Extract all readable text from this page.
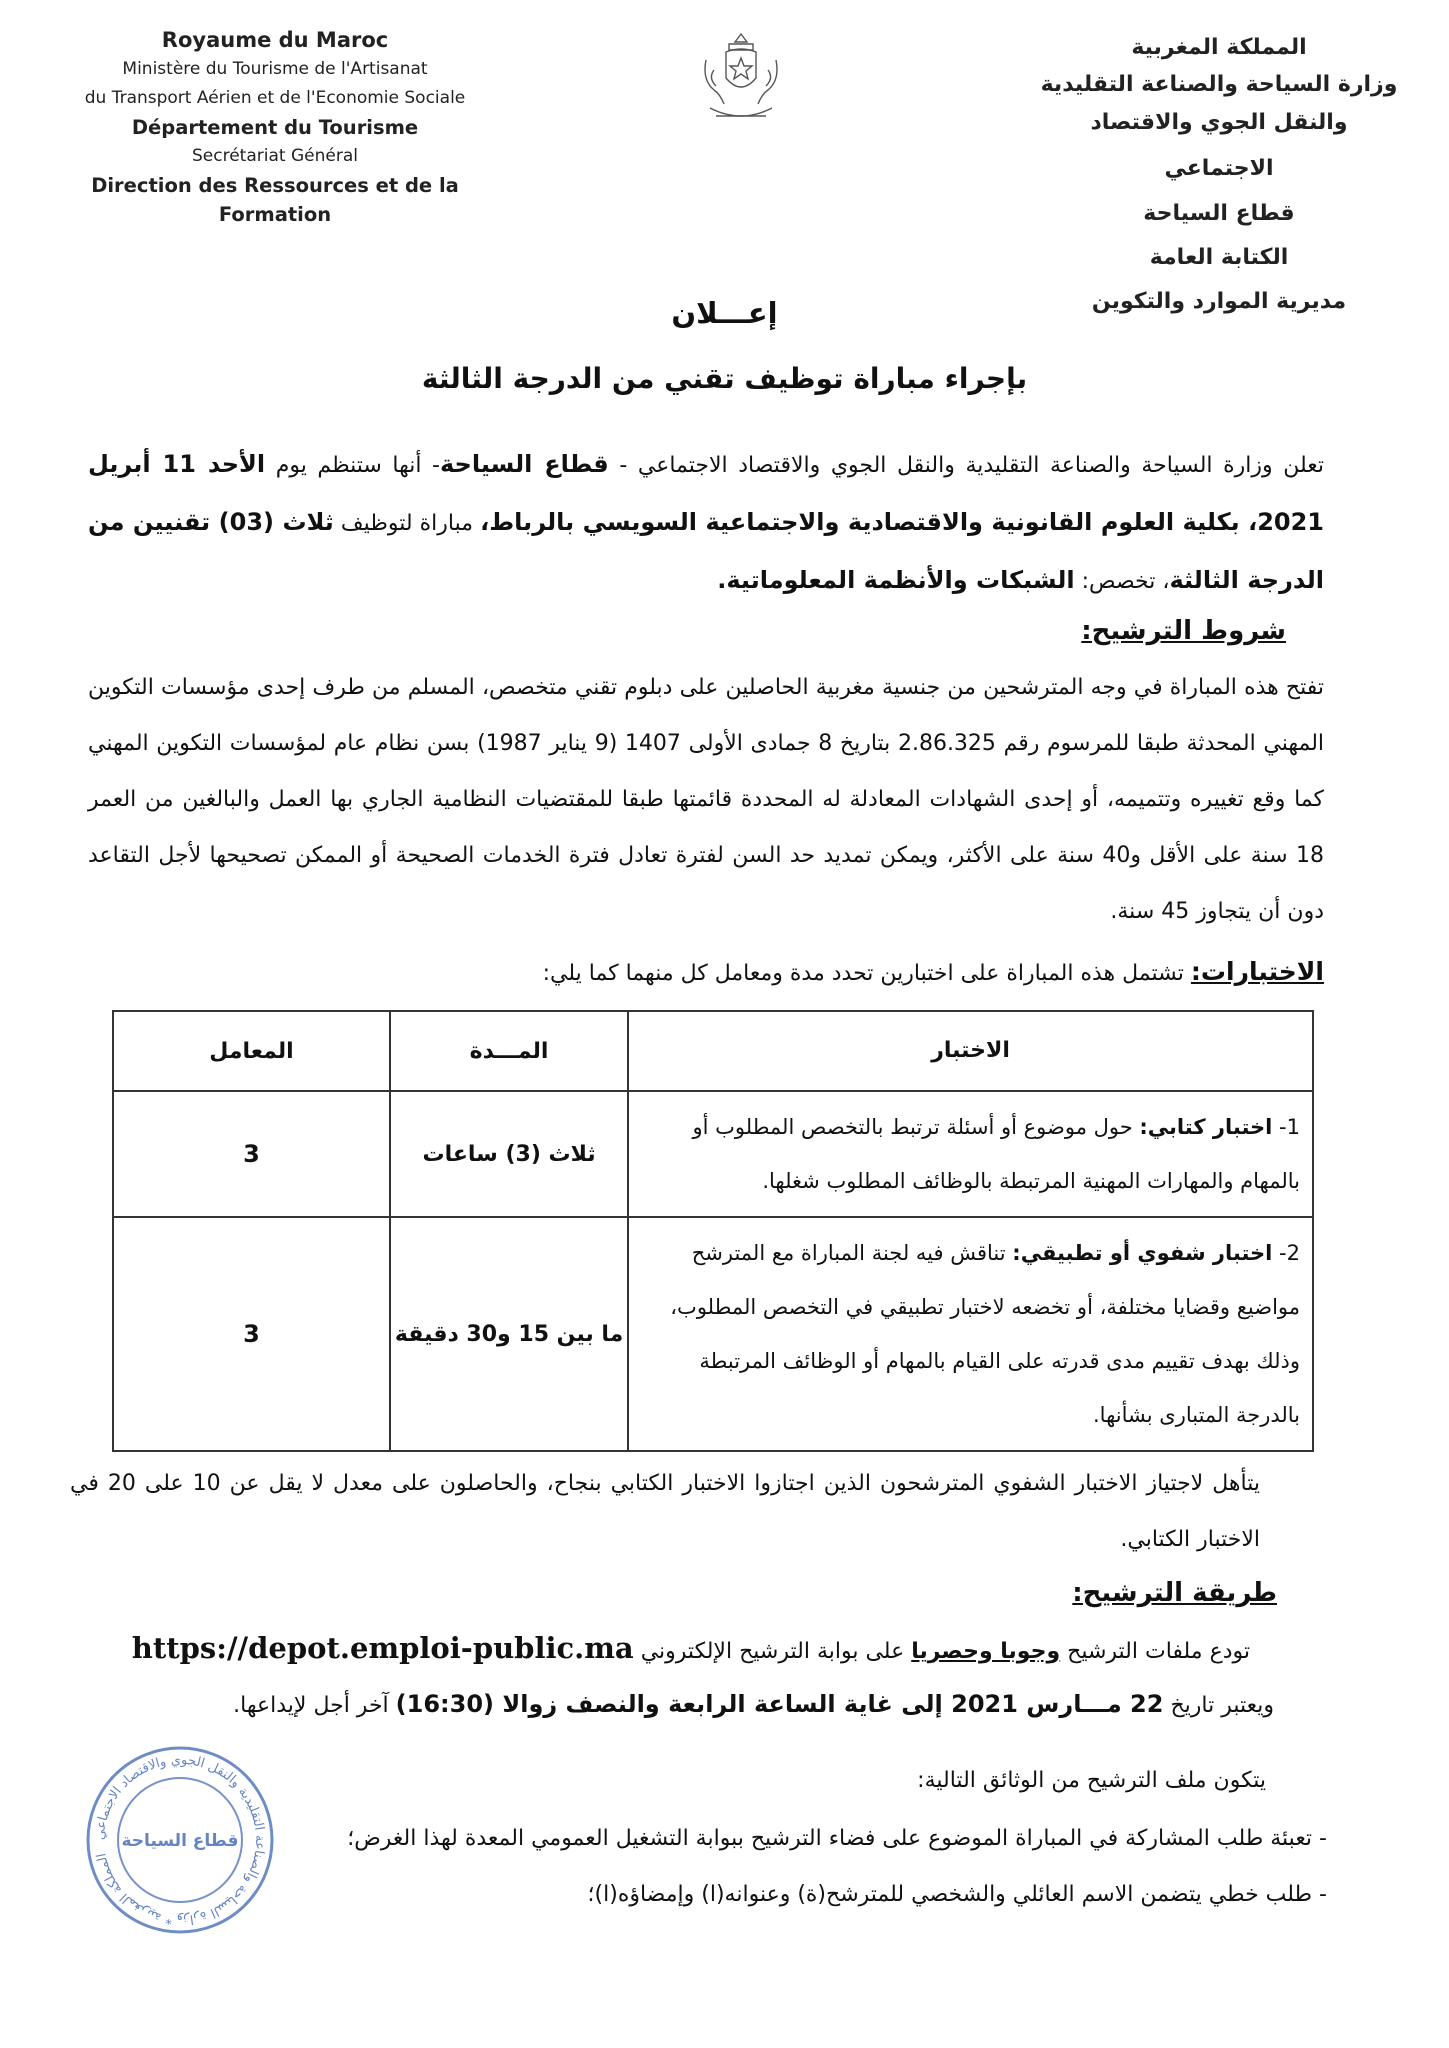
Royaume du Maroc
Ministère du Tourisme de l'Artisanat
du Transport Aérien et de l'Economie Sociale
Département du Tourisme
Secrétariat Général
Direction des Ressources et de la Formation
المملكة المغربية
وزارة السياحة والصناعة التقليدية
والنقل الجوي والاقتصاد الاجتماعي
قطاع السياحة
الكتابة العامة
مديرية الموارد والتكوين
إعـــلان
بإجراء مباراة توظيف تقني من الدرجة الثالثة
تعلن وزارة السياحة والصناعة التقليدية والنقل الجوي والاقتصاد الاجتماعي - قطاع السياحة- أنها ستنظم يوم الأحد 11 أبريل 2021، بكلية العلوم القانونية والاقتصادية والاجتماعية السويسي بالرباط، مباراة لتوظيف ثلاث (03) تقنيين من الدرجة الثالثة، تخصص: الشبكات والأنظمة المعلوماتية.
شروط الترشيح:
تفتح هذه المباراة في وجه المترشحين من جنسية مغربية الحاصلين على دبلوم تقني متخصص، المسلم من طرف إحدى مؤسسات التكوين المهني المحدثة طبقا للمرسوم رقم 2.86.325 بتاريخ 8 جمادى الأولى 1407 (9 يناير 1987) بسن نظام عام لمؤسسات التكوين المهني كما وقع تغييره وتتميمه، أو إحدى الشهادات المعادلة له المحددة قائمتها طبقا للمقتضيات النظامية الجاري بها العمل والبالغين من العمر 18 سنة على الأقل و40 سنة على الأكثر، ويمكن تمديد حد السن لفترة تعادل فترة الخدمات الصحيحة أو الممكن تصحيحها لأجل التقاعد دون أن يتجاوز 45 سنة.
الاختبارات: تشتمل هذه المباراة على اختبارين تحدد مدة ومعامل كل منهما كما يلي:
الاختبار	المـــدة	المعامل
1- اختبار كتابي: حول موضوع أو أسئلة ترتبط بالتخصص المطلوب أو بالمهام والمهارات المهنية المرتبطة بالوظائف المطلوب شغلها.	ثلاث (3) ساعات	3
2- اختبار شفوي أو تطبيقي: تناقش فيه لجنة المباراة مع المترشح مواضيع وقضايا مختلفة، أو تخضعه لاختبار تطبيقي في التخصص المطلوب، وذلك بهدف تقييم مدى قدرته على القيام بالمهام أو الوظائف المرتبطة بالدرجة المتبارى بشأنها.	ما بين 15 و30 دقيقة	3
يتأهل لاجتياز الاختبار الشفوي المترشحون الذين اجتازوا الاختبار الكتابي بنجاح، والحاصلون على معدل لا يقل عن 10 على 20 في الاختبار الكتابي.
طريقة الترشيح:
تودع ملفات الترشيح وجوبا وحصريا على بوابة الترشيح الإلكتروني https://depot.emploi-public.ma
ويعتبر تاريخ 22 مـــارس 2021 إلى غاية الساعة الرابعة والنصف زوالا (16:30) آخر أجل لإيداعها.
يتكون ملف الترشيح من الوثائق التالية:
- تعبئة طلب المشاركة في المباراة الموضوع على فضاء الترشيح ببوابة التشغيل العمومي المعدة لهذا الغرض؛
- طلب خطي يتضمن الاسم العائلي والشخصي للمترشح(ة) وعنوانه(ا) وإمضاؤه(ا)؛
المملكة المغربية * وزارة السياحة والصناعة التقليدية والنقل الجوي والاقتصاد الاجتماعي
قطاع السياحة
